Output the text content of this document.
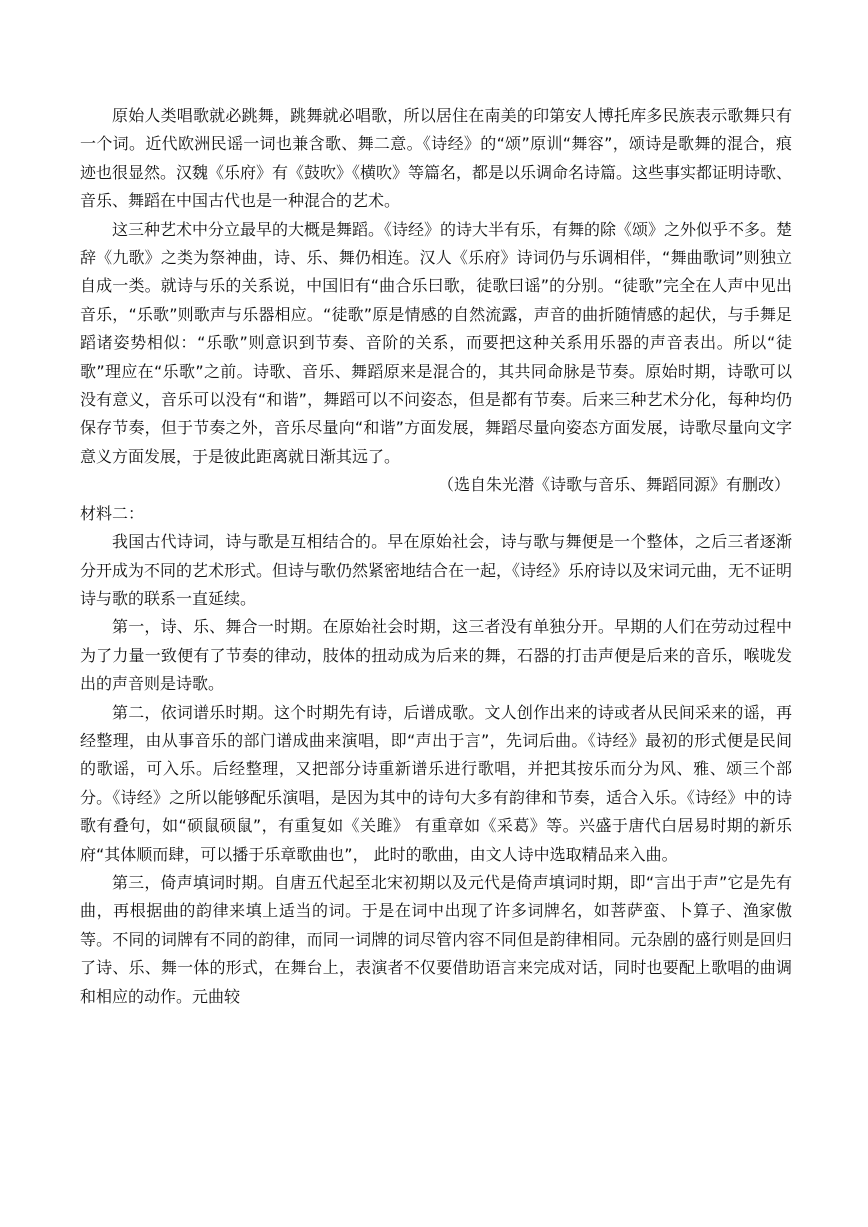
原始人类唱歌就必跳舞，跳舞就必唱歌，所以居住在南美的印第安人博托库多民族表示歌舞只有一个词。近代欧洲民谣一词也兼含歌、舞二意。《诗经》的“颂”原训“舞容”，颂诗是歌舞的混合，痕迹也很显然。汉魏《乐府》有《鼓吹》《横吹》等篇名，都是以乐调命名诗篇。这些事实都证明诗歌、音乐、舞蹈在中国古代也是一种混合的艺术。

这三种艺术中分立最早的大概是舞蹈。《诗经》的诗大半有乐，有舞的除《颂》之外似乎不多。楚辞《九歌》之类为祭神曲，诗、乐、舞仍相连。汉人《乐府》诗词仍与乐调相伴，“舞曲歌词”则独立自成一类。就诗与乐的关系说，中国旧有“曲合乐曰歌，徒歌曰谣”的分别。“徒歌”完全在人声中见出音乐，“乐歌”则歌声与乐器相应。“徒歌”原是情感的自然流露，声音的曲折随情感的起伏，与手舞足蹈诸姿势相似：“乐歌”则意识到节奏、音阶的关系，而要把这种关系用乐器的声音表出。所以“徒歌”理应在“乐歌”之前。诗歌、音乐、舞蹈原来是混合的，其共同命脉是节奏。原始时期，诗歌可以没有意义，音乐可以没有“和谐”，舞蹈可以不问姿态，但是都有节奏。后来三种艺术分化，每种均仍保存节奏，但于节奏之外，音乐尽量向“和谐”方面发展，舞蹈尽量向姿态方面发展，诗歌尽量向文字意义方面发展，于是彼此距离就日渐其远了。

（选自朱光潜《诗歌与音乐、舞蹈同源》有删改）

材料二：

我国古代诗词，诗与歌是互相结合的。早在原始社会，诗与歌与舞便是一个整体，之后三者逐渐分开成为不同的艺术形式。但诗与歌仍然紧密地结合在一起，《诗经》乐府诗以及宋词元曲，无不证明诗与歌的联系一直延续。

第一，诗、乐、舞合一时期。在原始社会时期，这三者没有单独分开。早期的人们在劳动过程中为了力量一致便有了节奏的律动，肢体的扭动成为后来的舞，石器的打击声便是后来的音乐，喉咙发出的声音则是诗歌。

第二，依词谱乐时期。这个时期先有诗，后谱成歌。文人创作出来的诗或者从民间采来的谣，再经整理，由从事音乐的部门谱成曲来演唱，即“声出于言”，先词后曲。《诗经》最初的形式便是民间的歌谣，可入乐。后经整理，又把部分诗重新谱乐进行歌唱，并把其按乐而分为风、雅、颂三个部分。《诗经》之所以能够配乐演唱，是因为其中的诗句大多有韵律和节奏，适合入乐。《诗经》中的诗歌有叠句，如“硕鼠硕鼠”，有重复如《关雎》 有重章如《采葛》等。兴盛于唐代白居易时期的新乐府“其体顺而肆，可以播于乐章歌曲也”， 此时的歌曲，由文人诗中选取精品来入曲。

第三，倚声填词时期。自唐五代起至北宋初期以及元代是倚声填词时期，即“言出于声”它是先有曲，再根据曲的韵律来填上适当的词。于是在词中出现了许多词牌名，如菩萨蛮、卜算子、渔家傲等。不同的词牌有不同的韵律，而同一词牌的词尽管内容不同但是韵律相同。元杂剧的盛行则是回归了诗、乐、舞一体的形式，在舞台上，表演者不仅要借助语言来完成对话，同时也要配上歌唱的曲调和相应的动作。元曲较
